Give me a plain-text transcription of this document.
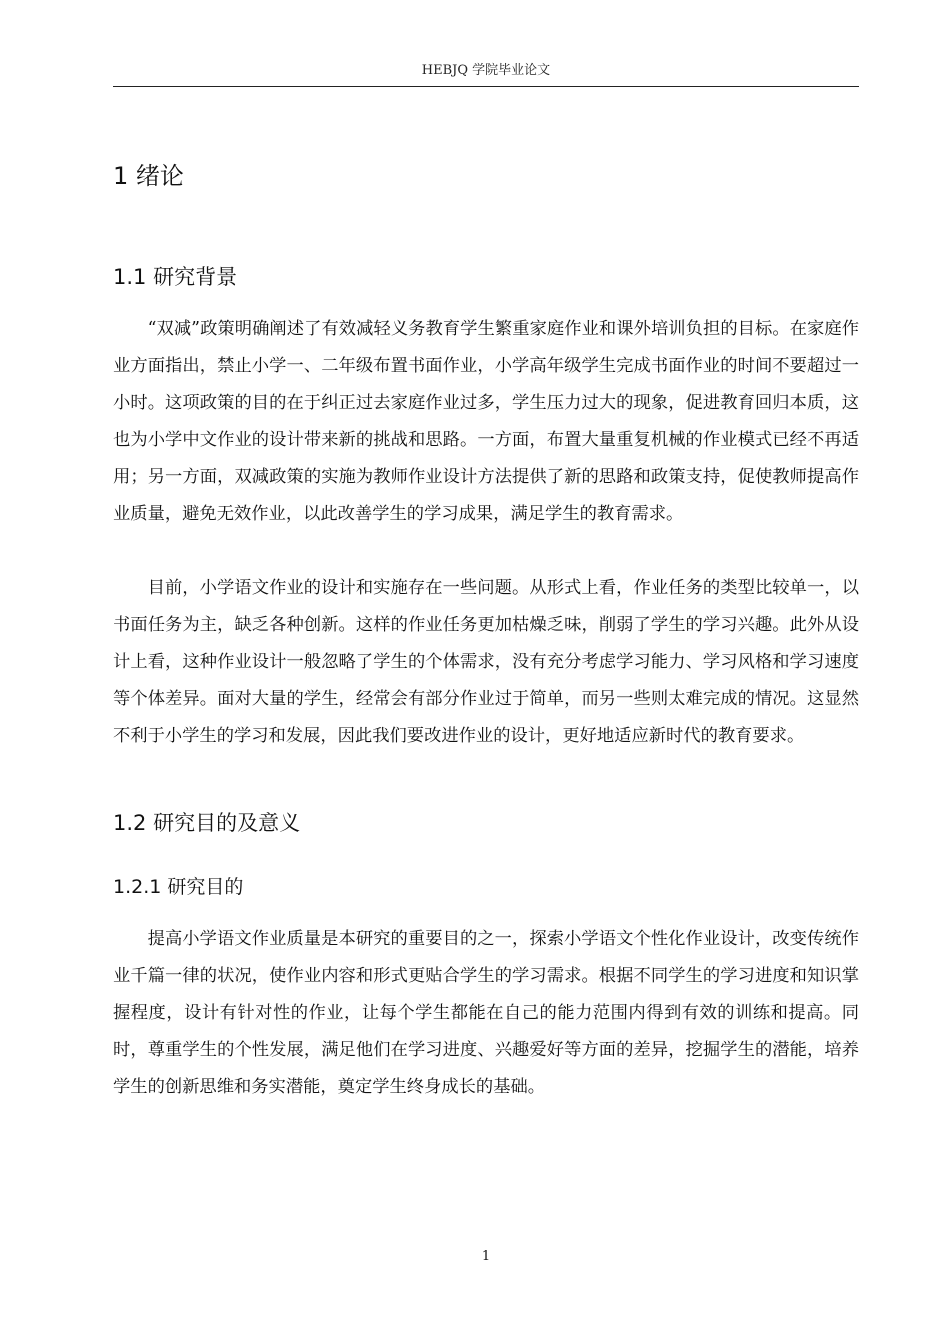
HEBJQ 学院毕业论文
1 绪论
1.1 研究背景

“双减”政策明确阐述了有效减轻义务教育学生繁重家庭作业和课外培训负担的目标。在家庭作业方面指出，禁止小学一、二年级布置书面作业，小学高年级学生完成书面作业的时间不要超过一小时。这项政策的目的在于纠正过去家庭作业过多，学生压力过大的现象，促进教育回归本质，这也为小学中文作业的设计带来新的挑战和思路。一方面，布置大量重复机械的作业模式已经不再适用；另一方面，双减政策的实施为教师作业设计方法提供了新的思路和政策支持，促使教师提高作业质量，避免无效作业，以此改善学生的学习成果，满足学生的教育需求。

目前，小学语文作业的设计和实施存在一些问题。从形式上看，作业任务的类型比较单一，以书面任务为主，缺乏各种创新。这样的作业任务更加枯燥乏味，削弱了学生的学习兴趣。此外从设计上看，这种作业设计一般忽略了学生的个体需求，没有充分考虑学习能力、学习风格和学习速度等个体差异。面对大量的学生，经常会有部分作业过于简单，而另一些则太难完成的情况。这显然不利于小学生的学习和发展，因此我们要改进作业的设计，更好地适应新时代的教育要求。

1.2 研究目的及意义
1.2.1 研究目的

提高小学语文作业质量是本研究的重要目的之一，探索小学语文个性化作业设计，改变传统作业千篇一律的状况，使作业内容和形式更贴合学生的学习需求。根据不同学生的学习进度和知识掌握程度，设计有针对性的作业，让每个学生都能在自己的能力范围内得到有效的训练和提高。同时，尊重学生的个性发展，满足他们在学习进度、兴趣爱好等方面的差异，挖掘学生的潜能，培养学生的创新思维和务实潜能，奠定学生终身成长的基础。

1
